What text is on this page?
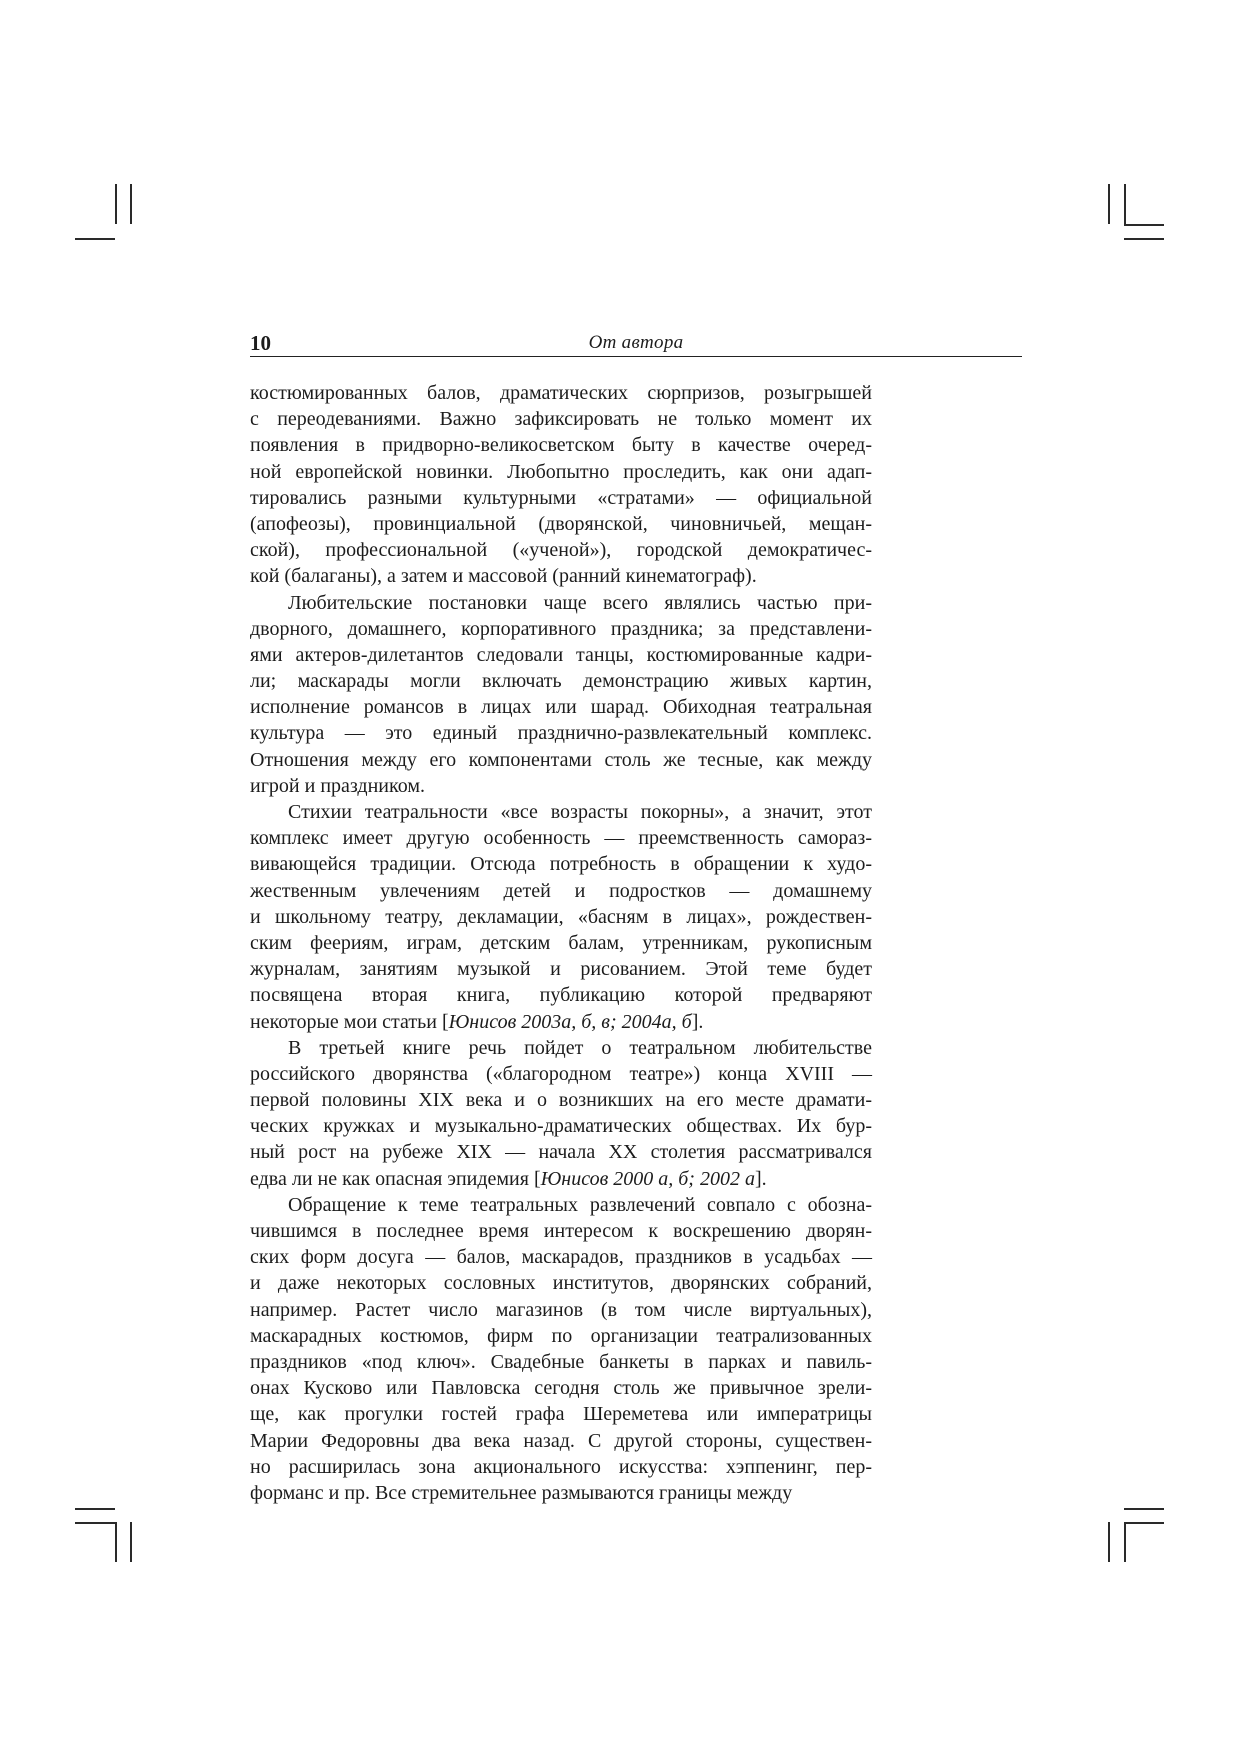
10	От автора
костюмированных балов, драматических сюрпризов, розыгрышей
с переодеваниями. Важно зафиксировать не только момент их
появления в придворно-великосветском быту в качестве очеред-
ной европейской новинки. Любопытно проследить, как они адап-
тировались разными культурными «стратами» — официальной
(апофеозы), провинциальной (дворянской, чиновничьей, мещан-
ской), профессиональной («ученой»), городской демократичес-
кой (балаганы), а затем и массовой (ранний кинематограф).
Любительские постановки чаще всего являлись частью при-
дворного, домашнего, корпоративного праздника; за представлени-
ями актеров-дилетантов следовали танцы, костюмированные кадри-
ли; маскарады могли включать демонстрацию живых картин,
исполнение романсов в лицах или шарад. Обиходная театральная
культура — это единый празднично-развлекательный комплекс.
Отношения между его компонентами столь же тесные, как между
игрой и праздником.
Стихии театральности «все возрасты покорны», а значит, этот
комплекс имеет другую особенность — преемственность самораз-
вивающейся традиции. Отсюда потребность в обращении к худо-
жественным увлечениям детей и подростков — домашнему
и школьному театру, декламации, «басням в лицах», рождествен-
ским феериям, играм, детским балам, утренникам, рукописным
журналам, занятиям музыкой и рисованием. Этой теме будет
посвящена вторая книга, публикацию которой предваряют
некоторые мои статьи [Юнисов 2003а, б, в; 2004а, б].
В третьей книге речь пойдет о театральном любительстве
российского дворянства («благородном театре») конца XVIII —
первой половины XIX века и о возникших на его месте драмати-
ческих кружках и музыкально-драматических обществах. Их бур-
ный рост на рубеже XIX — начала XX столетия рассматривался
едва ли не как опасная эпидемия [Юнисов 2000 а, б; 2002 а].
Обращение к теме театральных развлечений совпало с обозна-
чившимся в последнее время интересом к воскрешению дворян-
ских форм досуга — балов, маскарадов, праздников в усадьбах —
и даже некоторых сословных институтов, дворянских собраний,
например. Растет число магазинов (в том числе виртуальных),
маскарадных костюмов, фирм по организации театрализованных
праздников «под ключ». Свадебные банкеты в парках и павиль-
онах Кусково или Павловска сегодня столь же привычное зрели-
ще, как прогулки гостей графа Шереметева или императрицы
Марии Федоровны два века назад. С другой стороны, существен-
но расширилась зона акционального искусства: хэппенинг, пер-
форманс и пр. Все стремительнее размываются границы между
